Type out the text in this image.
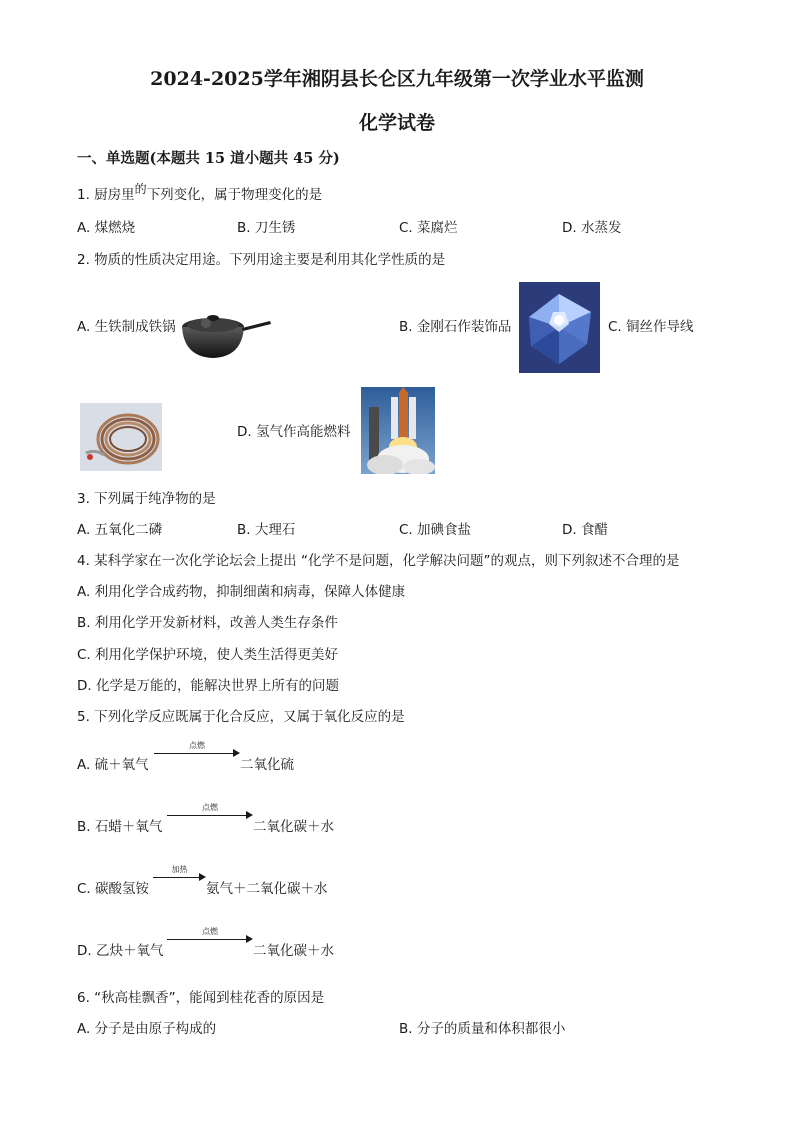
2024-2025学年湘阴县长仑区九年级第一次学业水平监测
化学试卷
一、单选题(本题共 15 道小题共 45 分)
1. 厨房里的下列变化，属于物理变化的是
A. 煤燃烧	B. 刀生锈	C. 菜腐烂	D. 水蒸发
2. 物质的性质决定用途。下列用途主要是利用其化学性质的是
A. 生铁制成铁锅	B. 金刚石作装饰品	C. 铜丝作导线
D. 氢气作高能燃料
3. 下列属于纯净物的是
A. 五氧化二磷	B. 大理石	C. 加碘食盐	D. 食醋
4. 某科学家在一次化学论坛会上提出 “化学不是问题，化学解决问题”的观点，则下列叙述不合理的是
A. 利用化学合成药物，抑制细菌和病毒，保障人体健康
B. 利用化学开发新材料，改善人类生存条件
C. 利用化学保护环境，使人类生活得更美好
D. 化学是万能的，能解决世界上所有的问题
5. 下列化学反应既属于化合反应，又属于氧化反应的是
A. 硫＋氧气
点燃
二氧化硫
B. 石蜡＋氧气
点燃
二氧化碳＋水
C. 碳酸氢铵
加热
氨气＋二氧化碳＋水
D. 乙炔＋氧气
点燃
二氧化碳＋水
6. “秋高桂飘香”，能闻到桂花香的原因是
A. 分子是由原子构成的	B. 分子的质量和体积都很小
